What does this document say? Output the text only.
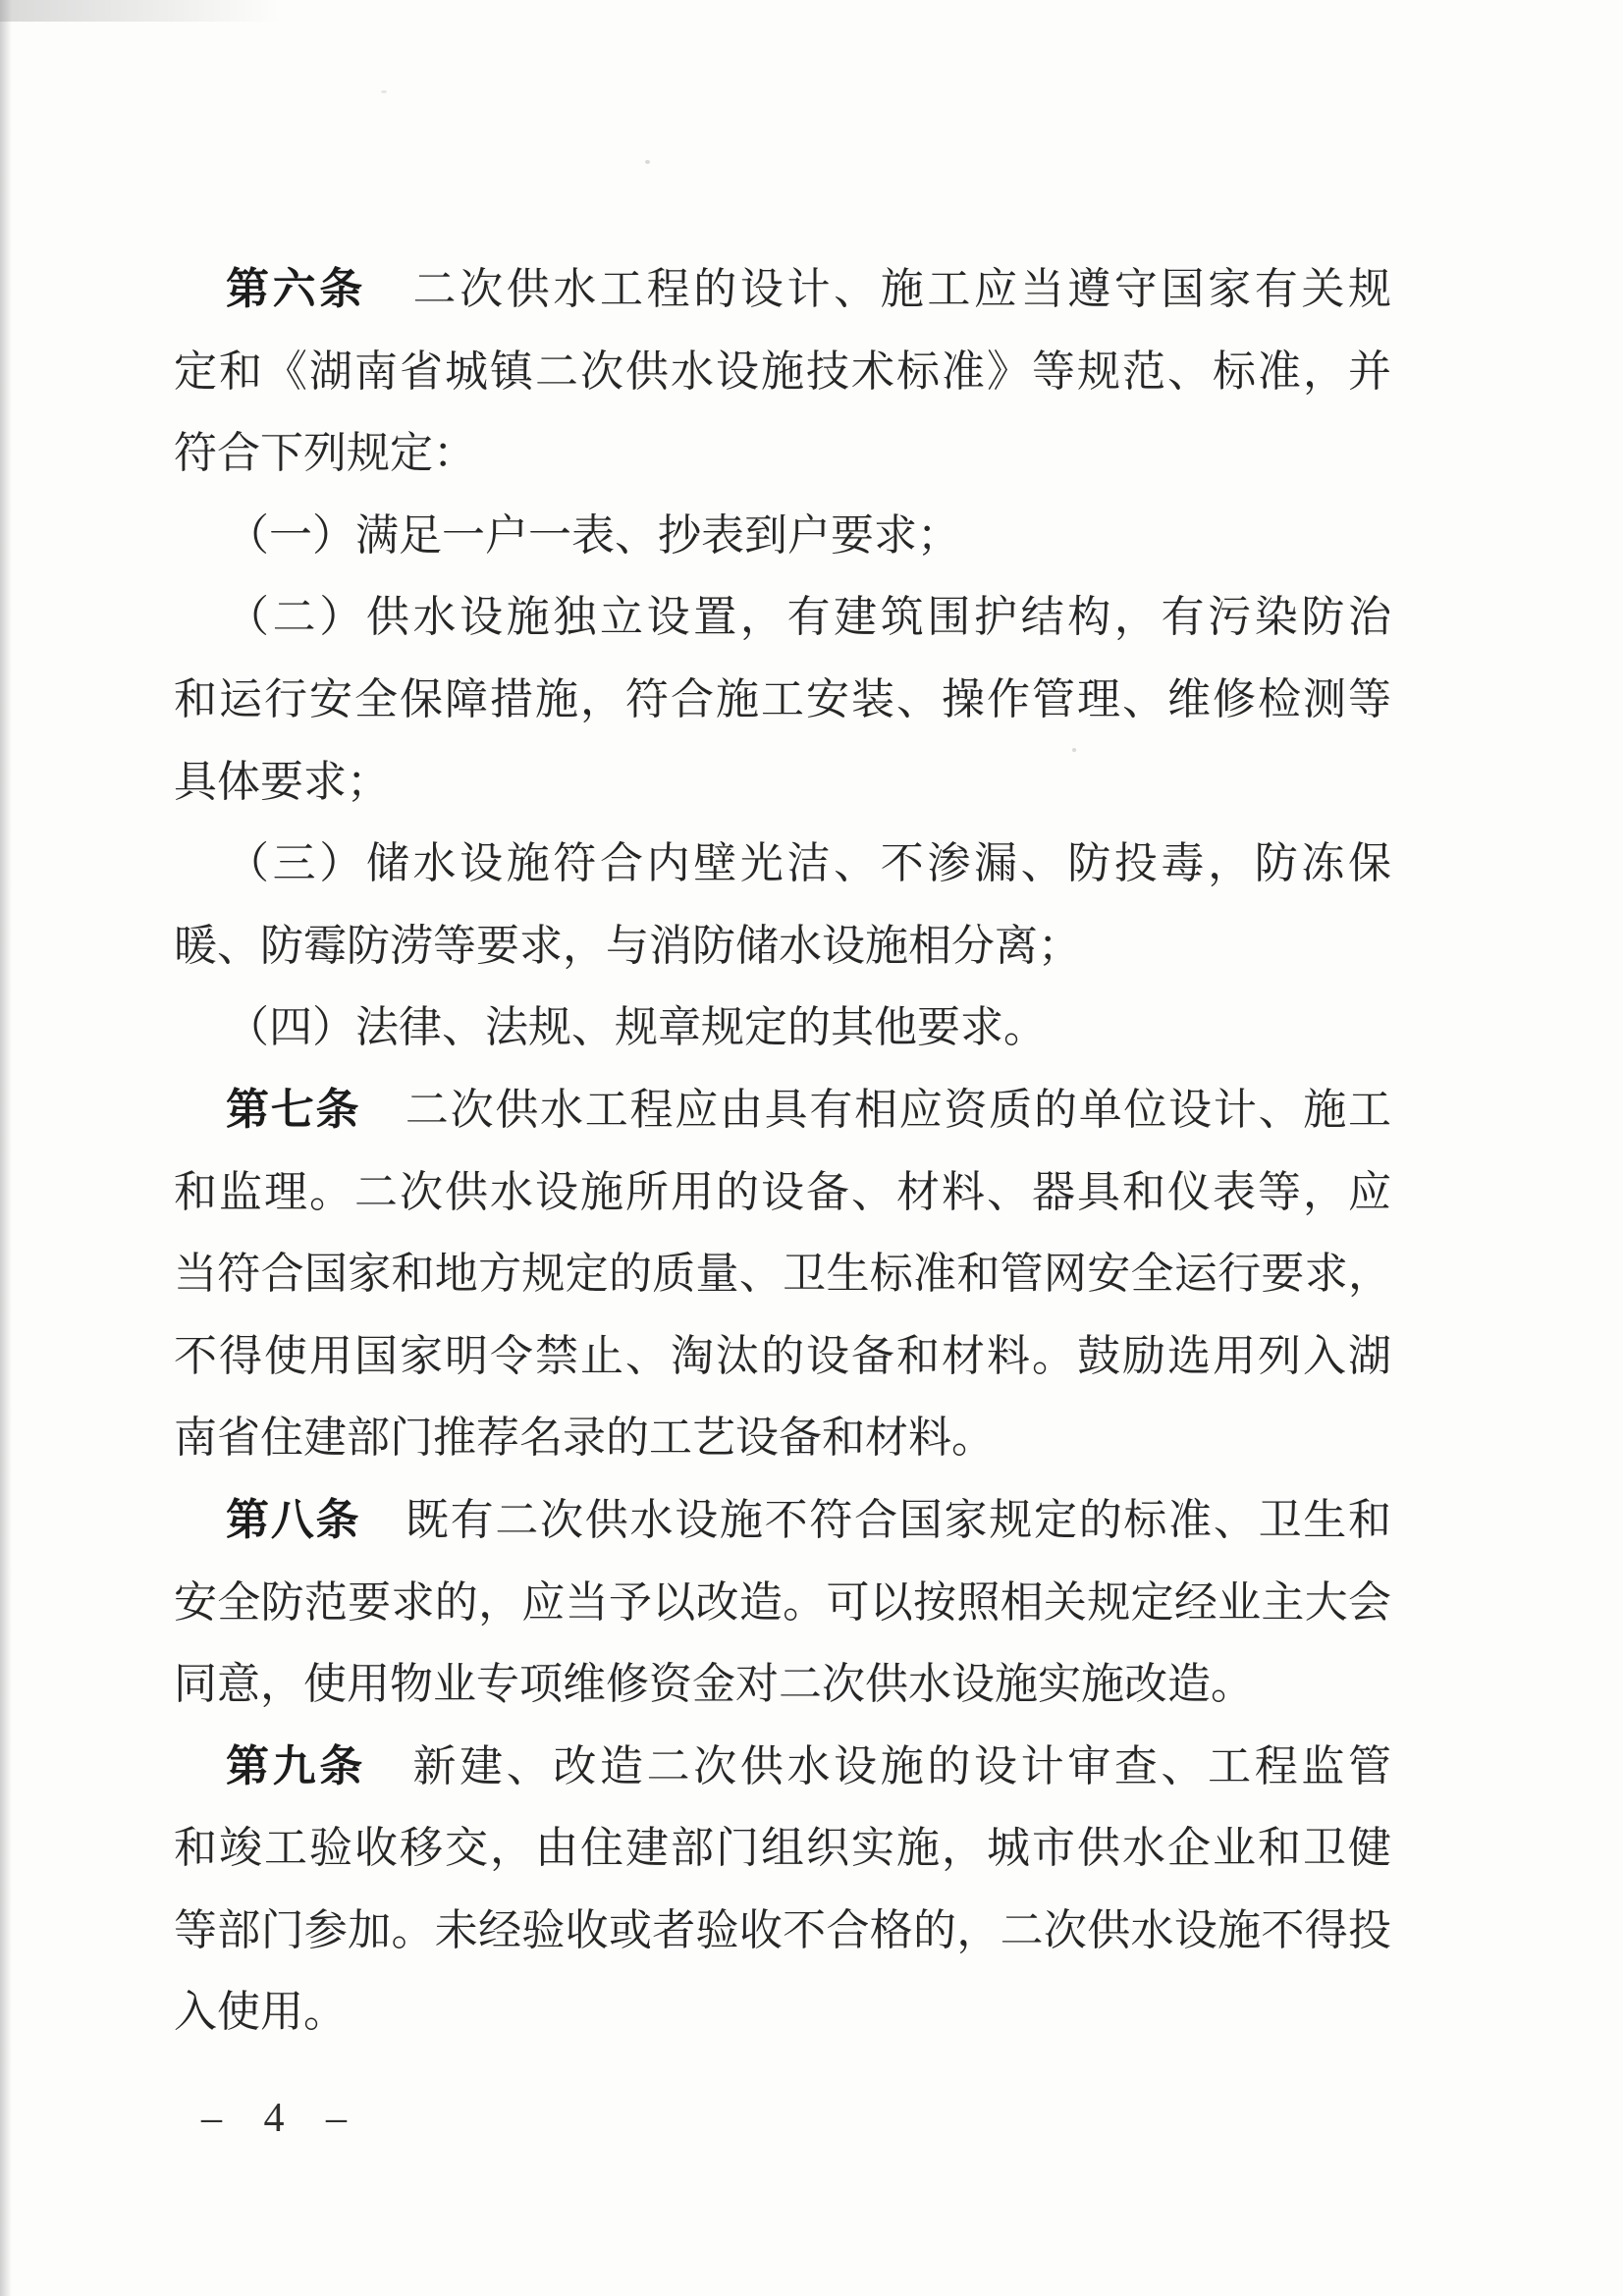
第六条　二次供水工程的设计、施工应当遵守国家有关规
定和《湖南省城镇二次供水设施技术标准》等规范、标准，并
符合下列规定：
（一）满足一户一表、抄表到户要求；
（二）供水设施独立设置，有建筑围护结构，有污染防治
和运行安全保障措施，符合施工安装、操作管理、维修检测等
具体要求；
（三）储水设施符合内壁光洁、不渗漏、防投毒，防冻保
暖、防霉防涝等要求，与消防储水设施相分离；
（四）法律、法规、规章规定的其他要求。
第七条　二次供水工程应由具有相应资质的单位设计、施工
和监理。二次供水设施所用的设备、材料、器具和仪表等，应
当符合国家和地方规定的质量、卫生标准和管网安全运行要求，
不得使用国家明令禁止、淘汰的设备和材料。鼓励选用列入湖
南省住建部门推荐名录的工艺设备和材料。
第八条　既有二次供水设施不符合国家规定的标准、卫生和
安全防范要求的，应当予以改造。可以按照相关规定经业主大会
同意，使用物业专项维修资金对二次供水设施实施改造。
第九条　新建、改造二次供水设施的设计审查、工程监管
和竣工验收移交，由住建部门组织实施，城市供水企业和卫健
等部门参加。未经验收或者验收不合格的，二次供水设施不得投
入使用。
– 4 –
